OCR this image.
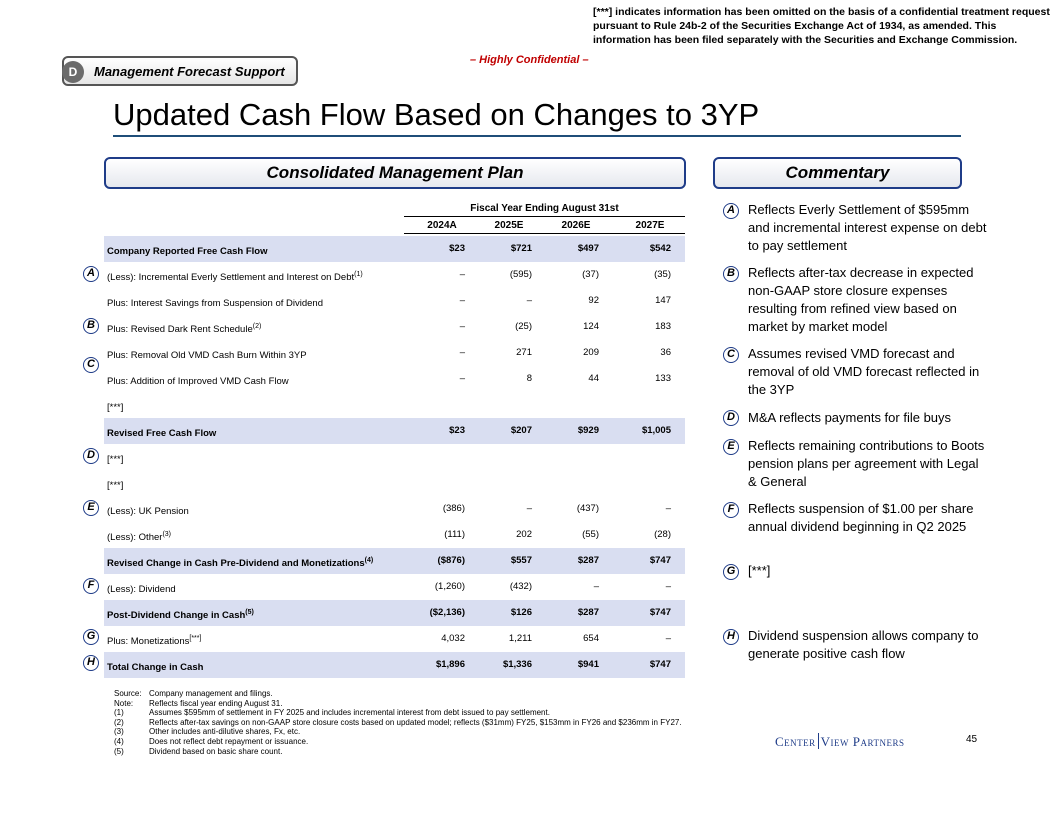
[***] indicates information has been omitted on the basis of a confidential treatment request pursuant to Rule 24b-2 of the Securities Exchange Act of 1934, as amended. This information has been filed separately with the Securities and Exchange Commission.
– Highly Confidential –
D	Management Forecast Support
Updated Cash Flow Based on Changes to 3YP
Consolidated Management Plan	Commentary
Fiscal Year Ending August 31st
2024A	2025E	2026E	2027E
Company Reported Free Cash Flow	$23	$721	$497	$542
(Less): Incremental Everly Settlement and Interest on Debt$^{(1)}$	–	(595)	(37)	(35)
Plus: Interest Savings from Suspension of Dividend	–	–	92	147
Plus: Revised Dark Rent Schedule$^{(2)}$	–	(25)	124	183
Plus: Removal Old VMD Cash Burn Within 3YP	–	271	209	36
Plus: Addition of Improved VMD Cash Flow	–	8	44	133
[***]
Revised Free Cash Flow	$23	$207	$929	$1,005
[***]
[***]
(Less): UK Pension	(386)	–	(437)	–
(Less): Other$^{(3)}$	(111)	202	(55)	(28)
Revised Change in Cash Pre-Dividend and Monetizations$^{(4)}$	($876)	$557	$287	$747
(Less): Dividend	(1,260)	(432)	–	–
Post-Dividend Change in Cash$^{(5)}$	($2,136)	$126	$287	$747
Plus: Monetizations[***]	4,032	1,211	654	–
Total Change in Cash	$1,896	$1,336	$941	$747
A
B
C
D
E
F
G
H
A	Reflects Everly Settlement of $595mm and incremental interest expense on debt to pay settlement
B	Reflects after-tax decrease in expected non-GAAP store closure expenses resulting from refined view based on market by market model
C	Assumes revised VMD forecast and removal of old VMD forecast reflected in the 3YP
D	M&A reflects payments for file buys
E	Reflects remaining contributions to Boots pension plans per agreement with Legal & General
F	Reflects suspension of $1.00 per share annual dividend beginning in Q2 2025
G [***]
H	Dividend suspension allows company to generate positive cash flow
Source: Company management and filings.
Note: Reflects fiscal year ending August 31.
(1)	Assumes $595mm of settlement in FY 2025 and includes incremental interest from debt issued to pay settlement.
(2)	Reflects after-tax savings on non-GAAP store closure costs based on updated model; reflects ($31mm) FY25, $153mm in FY26 and $236mm in FY27.
(3)	Other includes anti-dilutive shares, Fx, etc.
(4)	Does not reflect debt repayment or issuance.
(5)	Dividend based on basic share count.
Center View Partners	45
